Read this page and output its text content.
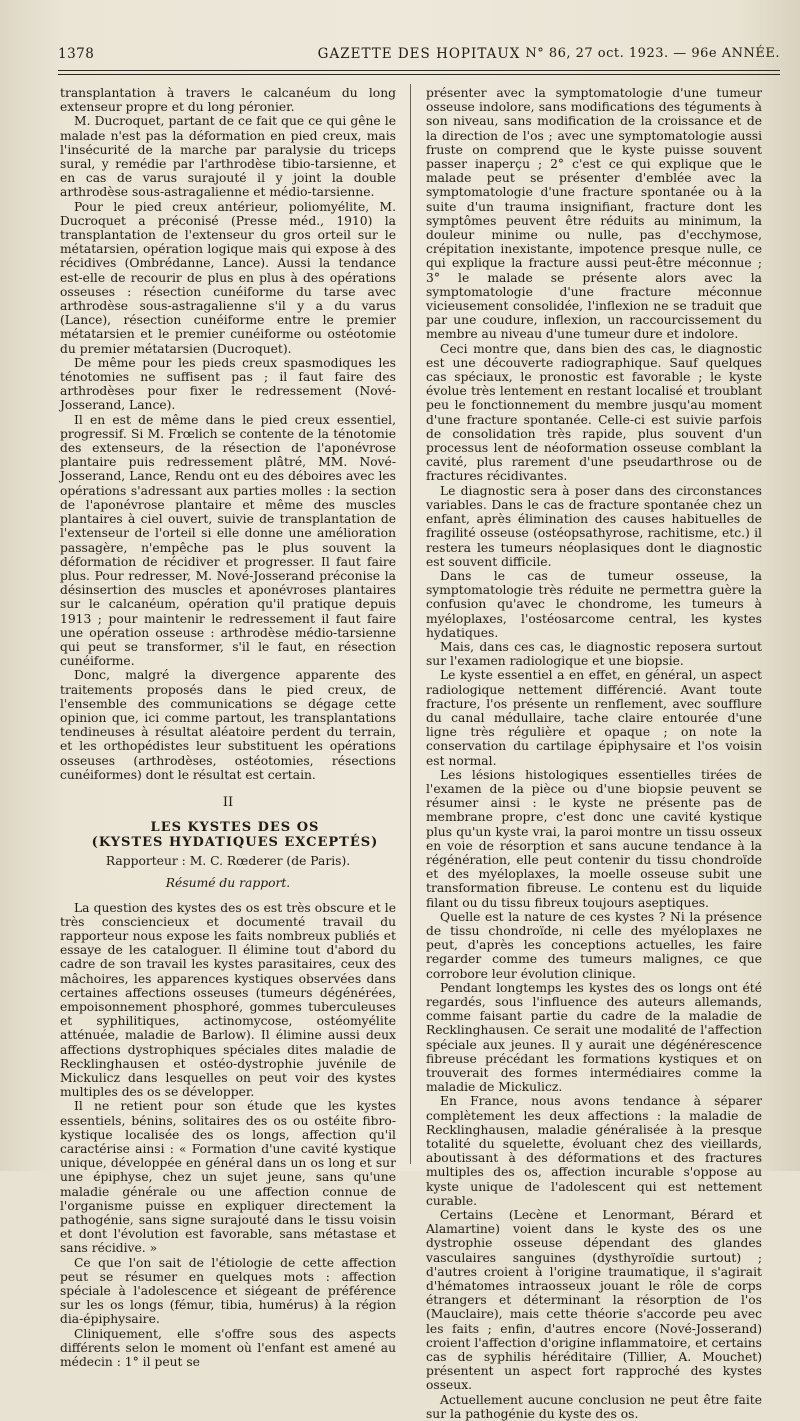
1378	GAZETTE DES HOPITAUX N° 86, 27 oct. 1923. — 96e ANNÉE.

transplantation à travers le calcanéum du long extenseur propre et du long péronier.

M. Ducroquet, partant de ce fait que ce qui gêne le malade n'est pas la déformation en pied creux, mais l'insécurité de la marche par paralysie du triceps sural, y remédie par l'arthrodèse tibio-tarsienne, et en cas de varus surajouté il y joint la double arthrodèse sous-astragalienne et médio-tarsienne.

Pour le pied creux antérieur, poliomyélite, M. Ducroquet a préconisé (Presse méd., 1910) la transplantation de l'extenseur du gros orteil sur le métatarsien, opération logique mais qui expose à des récidives (Ombrédanne, Lance). Aussi la tendance est-elle de recourir de plus en plus à des opérations osseuses : résection cunéiforme du tarse avec arthrodèse sous-astragalienne s'il y a du varus (Lance), résection cunéiforme entre le premier métatarsien et le premier cunéiforme ou ostéotomie du premier métatarsien (Ducroquet).

De même pour les pieds creux spasmodiques les ténotomies ne suffisent pas ; il faut faire des arthrodèses pour fixer le redressement (Nové-Josserand, Lance).

Il en est de même dans le pied creux essentiel, progressif. Si M. Frœlich se contente de la ténotomie des extenseurs, de la résection de l'aponévrose plantaire puis redressement plâtré, MM. Nové-Josserand, Lance, Rendu ont eu des déboires avec les opérations s'adressant aux parties molles : la section de l'aponévrose plantaire et même des muscles plantaires à ciel ouvert, suivie de transplantation de l'extenseur de l'orteil si elle donne une amélioration passagère, n'empêche pas le plus souvent la déformation de récidiver et progresser. Il faut faire plus. Pour redresser, M. Nové-Josserand préconise la désinsertion des muscles et aponévroses plantaires sur le calcanéum, opération qu'il pratique depuis 1913 ; pour maintenir le redressement il faut faire une opération osseuse : arthrodèse médio-tarsienne qui peut se transformer, s'il le faut, en résection cunéiforme.

Donc, malgré la divergence apparente des traitements proposés dans le pied creux, de l'ensemble des communications se dégage cette opinion que, ici comme partout, les transplantations tendineuses à résultat aléatoire perdent du terrain, et les orthopédistes leur substituent les opérations osseuses (arthrodèses, ostéotomies, résections cunéiformes) dont le résultat est certain.

II

LES KYSTES DES OS

(KYSTES HYDATIQUES EXCEPTÉS)

Rapporteur : M. C. Rœderer (de Paris).
Résumé du rapport.

La question des kystes des os est très obscure et le très consciencieux et documenté travail du rapporteur nous expose les faits nombreux publiés et essaye de les cataloguer. Il élimine tout d'abord du cadre de son travail les kystes parasitaires, ceux des mâchoires, les apparences kystiques observées dans certaines affections osseuses (tumeurs dégénérées, empoisonnement phosphoré, gommes tuberculeuses et syphilitiques, actinomycose, ostéomyélite atténuée, maladie de Barlow). Il élimine aussi deux affections dystrophiques spéciales dites maladie de Recklinghausen et ostéo-dystrophie juvénile de Mickulicz dans lesquelles on peut voir des kystes multiples des os se développer.

Il ne retient pour son étude que les kystes essentiels, bénins, solitaires des os ou ostéite fibro-kystique localisée des os longs, affection qu'il caractérise ainsi : « Formation d'une cavité kystique unique, développée en général dans un os long et sur une épiphyse, chez un sujet jeune, sans qu'une maladie générale ou une affection connue de l'organisme puisse en expliquer directement la pathogénie, sans signe surajouté dans le tissu voisin et dont l'évolution est favorable, sans métastase et sans récidive. »

Ce que l'on sait de l'étiologie de cette affection peut se résumer en quelques mots : affection spéciale à l'adolescence et siégeant de préférence sur les os longs (fémur, tibia, humérus) à la région dia-épiphysaire.

Cliniquement, elle s'offre sous des aspects différents selon le moment où l'enfant est amené au médecin : 1° il peut se

présenter avec la symptomatologie d'une tumeur osseuse indolore, sans modifications des téguments à son niveau, sans modification de la croissance et de la direction de l'os ; avec une symptomatologie aussi fruste on comprend que le kyste puisse souvent passer inaperçu ; 2° c'est ce qui explique que le malade peut se présenter d'emblée avec la symptomatologie d'une fracture spontanée ou à la suite d'un trauma insignifiant, fracture dont les symptômes peuvent être réduits au minimum, la douleur minime ou nulle, pas d'ecchymose, crépitation inexistante, impotence presque nulle, ce qui explique la fracture aussi peut-être méconnue ; 3° le malade se présente alors avec la symptomatologie d'une fracture méconnue vicieusement consolidée, l'inflexion ne se traduit que par une coudure, inflexion, un raccourcissement du membre au niveau d'une tumeur dure et indolore.

Ceci montre que, dans bien des cas, le diagnostic est une découverte radiographique. Sauf quelques cas spéciaux, le pronostic est favorable ; le kyste évolue très lentement en restant localisé et troublant peu le fonctionnement du membre jusqu'au moment d'une fracture spontanée. Celle-ci est suivie parfois de consolidation très rapide, plus souvent d'un processus lent de néoformation osseuse comblant la cavité, plus rarement d'une pseudarthrose ou de fractures récidivantes.

Le diagnostic sera à poser dans des circonstances variables. Dans le cas de fracture spontanée chez un enfant, après élimination des causes habituelles de fragilité osseuse (ostéopsathyrose, rachitisme, etc.) il restera les tumeurs néoplasiques dont le diagnostic est souvent difficile.

Dans le cas de tumeur osseuse, la symptomatologie très réduite ne permettra guère la confusion qu'avec le chondrome, les tumeurs à myéloplaxes, l'ostéosarcome central, les kystes hydatiques.

Mais, dans ces cas, le diagnostic reposera surtout sur l'examen radiologique et une biopsie.

Le kyste essentiel a en effet, en général, un aspect radiologique nettement différencié. Avant toute fracture, l'os présente un renflement, avec soufflure du canal médullaire, tache claire entourée d'une ligne très régulière et opaque ; on note la conservation du cartilage épiphysaire et l'os voisin est normal.

Les lésions histologiques essentielles tirées de l'examen de la pièce ou d'une biopsie peuvent se résumer ainsi : le kyste ne présente pas de membrane propre, c'est donc une cavité kystique plus qu'un kyste vrai, la paroi montre un tissu osseux en voie de résorption et sans aucune tendance à la régénération, elle peut contenir du tissu chondroïde et des myéloplaxes, la moelle osseuse subit une transformation fibreuse. Le contenu est du liquide filant ou du tissu fibreux toujours aseptiques.

Quelle est la nature de ces kystes ? Ni la présence de tissu chondroïde, ni celle des myéloplaxes ne peut, d'après les conceptions actuelles, les faire regarder comme des tumeurs malignes, ce que corrobore leur évolution clinique.

Pendant longtemps les kystes des os longs ont été regardés, sous l'influence des auteurs allemands, comme faisant partie du cadre de la maladie de Recklinghausen. Ce serait une modalité de l'affection spéciale aux jeunes. Il y aurait une dégénérescence fibreuse précédant les formations kystiques et on trouverait des formes intermédiaires comme la maladie de Mickulicz.

En France, nous avons tendance à séparer complètement les deux affections : la maladie de Recklinghausen, maladie généralisée à la presque totalité du squelette, évoluant chez des vieillards, aboutissant à des déformations et des fractures multiples des os, affection incurable s'oppose au kyste unique de l'adolescent qui est nettement curable.

Certains (Lecène et Lenormant, Bérard et Alamartine) voient dans le kyste des os une dystrophie osseuse dépendant des glandes vasculaires sanguines (dysthyroïdie surtout) ; d'autres croient à l'origine traumatique, il s'agirait d'hématomes intraosseux jouant le rôle de corps étrangers et déterminant la résorption de l'os (Mauclaire), mais cette théorie s'accorde peu avec les faits ; enfin, d'autres encore (Nové-Josserand) croient l'affection d'origine inflammatoire, et certains cas de syphilis héréditaire (Tillier, A. Mouchet) présentent un aspect fort rapproché des kystes osseux.

Actuellement aucune conclusion ne peut être faite sur la pathogénie du kyste des os.
